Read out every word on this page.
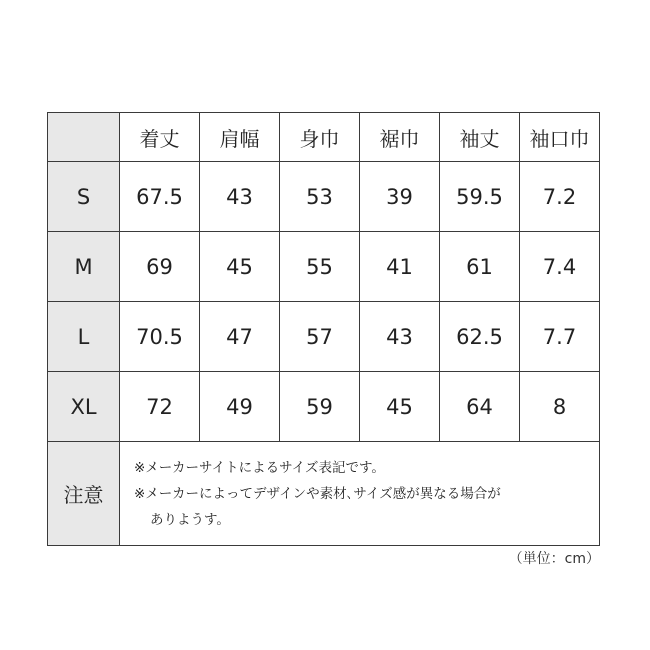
	着丈	肩幅	身巾	裾巾	袖丈	袖口巾
S	67.5	43	53	39	59.5	7.2
M	69	45	55	41	61	7.4
L	70.5	47	57	43	62.5	7.7
XL	72	49	59	45	64	8
注意	※メーカーサイトによるサイズ表記です。
※メーカーによってデザインや素材､サイズ感が異なる場合が
ありようす。					
（単位：cm）
